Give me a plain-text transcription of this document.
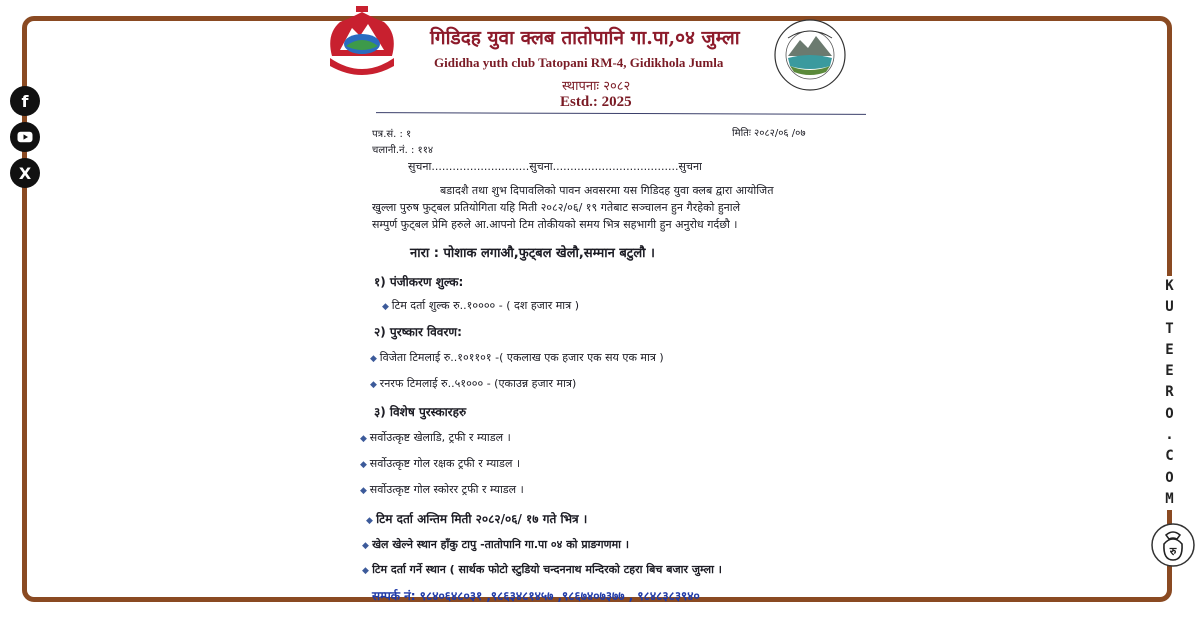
f
X
K
U
T
E
E
R
O
.
C
O
M
रु
गिडिदह युवा क्लब तातोपानि गा.पा,०४ जुम्ला
Gididha yuth club Tatopani RM-4, Gidikhola Jumla
स्थापनाः २०८२
Estd.: 2025
पत्र.सं. : १	मितिः २०८२/०६ /०७
चलानी.नं. : ११४
सुचना............................सुचना....................................सुचना
बडादशै तथा शुभ दिपावलिको पावन अवसरमा यस गिडिदह युवा क्लब द्वारा आयोजित
खुल्ला पुरुष फुट्बल प्रतियोगिता यहि मिती २०८२/०६/ १९ गतेबाट सञ्चालन हुन गैरहेको हुनाले
सम्पुर्ण फुट्बल प्रेमि हरुले आ.आपनो टिम तोकीयको समय भित्र सहभागी हुन अनुरोध गर्दछौ ।
नारा : पोशाक लगाऔ,फुट्बल खेलौ,सम्मान बटुलौ ।
१) पंजीकरण शुल्क:
◆ टिम दर्ता शुल्क रु..१०००० - ( दश हजार मात्र )
२) पुरष्कार विवरण:
◆ विजेता टिमलाई रु..१०११०१ -( एकलाख एक हजार एक सय एक मात्र )
◆ रनरफ टिमलाई रु..५१००० - (एकाउन्न हजार मात्र)
३) विशेष पुरस्कारहरु
◆ सर्वोउत्कृष्ट खेलाडि, ट्रफी र म्याडल ।
◆ सर्वोउत्कृष्ट गोल रक्षक ट्रफी र म्याडल ।
◆ सर्वोउत्कृष्ट गोल स्कोरर ट्रफी र म्याडल ।
◆ टिम दर्ता अन्तिम मिती २०८२/०६/ १७ गते भित्र ।
◆ खेल खेल्ने स्थान हाँकु टापु -तातोपानि गा.पा ०४ को प्राङगणमा ।
◆ टिम दर्ता गर्ने स्थान ( सार्थक फोटो स्टुडियो चन्दननाथ मन्दिरको टहरा बिच बजार जुम्ला ।
सम्पर्क नं: ९८४०६४८०३१ ,९८६३४८१४५७ ,९८६७४०७३७७ , ९८४८३८३९४०
